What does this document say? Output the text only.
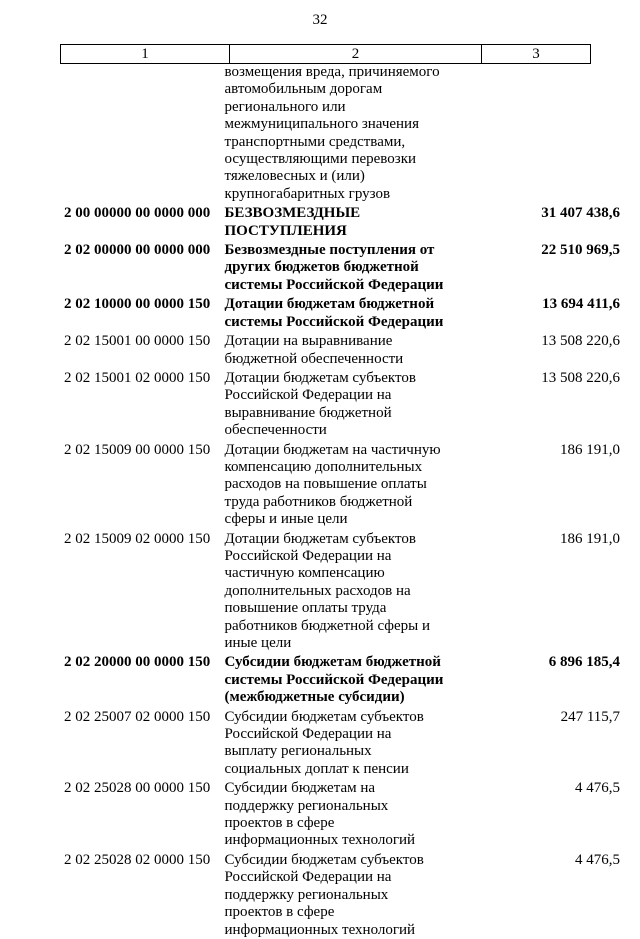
32
1	2	3
возмещения вреда, причиняемого автомобильным дорогам регионального или межмуниципального значения транспортными средствами, осуществляющими перевозки тяжеловесных и (или) крупногабаритных грузов
2 00 00000 00 0000 000 БЕЗВОЗМЕЗДНЫЕ ПОСТУПЛЕНИЯ
31 407 438,6
2 02 00000 00 0000 000 Безвозмездные поступления от других бюджетов бюджетной системы Российской Федерации
22 510 969,5
2 02 10000 00 0000 150 Дотации бюджетам бюджетной системы Российской Федерации
13 694 411,6
2 02 15001 00 0000 150 Дотации на выравнивание бюджетной обеспеченности
13 508 220,6
2 02 15001 02 0000 150 Дотации бюджетам субъектов Российской Федерации на выравнивание бюджетной обеспеченности
13 508 220,6
2 02 15009 00 0000 150 Дотации бюджетам на частичную компенсацию дополнительных расходов на повышение оплаты труда работников бюджетной сферы и иные цели
186 191,0
2 02 15009 02 0000 150 Дотации бюджетам субъектов Российской Федерации на частичную компенсацию дополнительных расходов на повышение оплаты труда работников бюджетной сферы и иные цели
186 191,0
2 02 20000 00 0000 150 Субсидии бюджетам бюджетной системы Российской Федерации (межбюджетные субсидии)
6 896 185,4
2 02 25007 02 0000 150 Субсидии бюджетам субъектов Российской Федерации на выплату региональных социальных доплат к пенсии
247 115,7
2 02 25028 00 0000 150 Субсидии бюджетам на поддержку региональных проектов в сфере информационных технологий
4 476,5
2 02 25028 02 0000 150 Субсидии бюджетам субъектов Российской Федерации на поддержку региональных проектов в сфере информационных технологий
4 476,5
